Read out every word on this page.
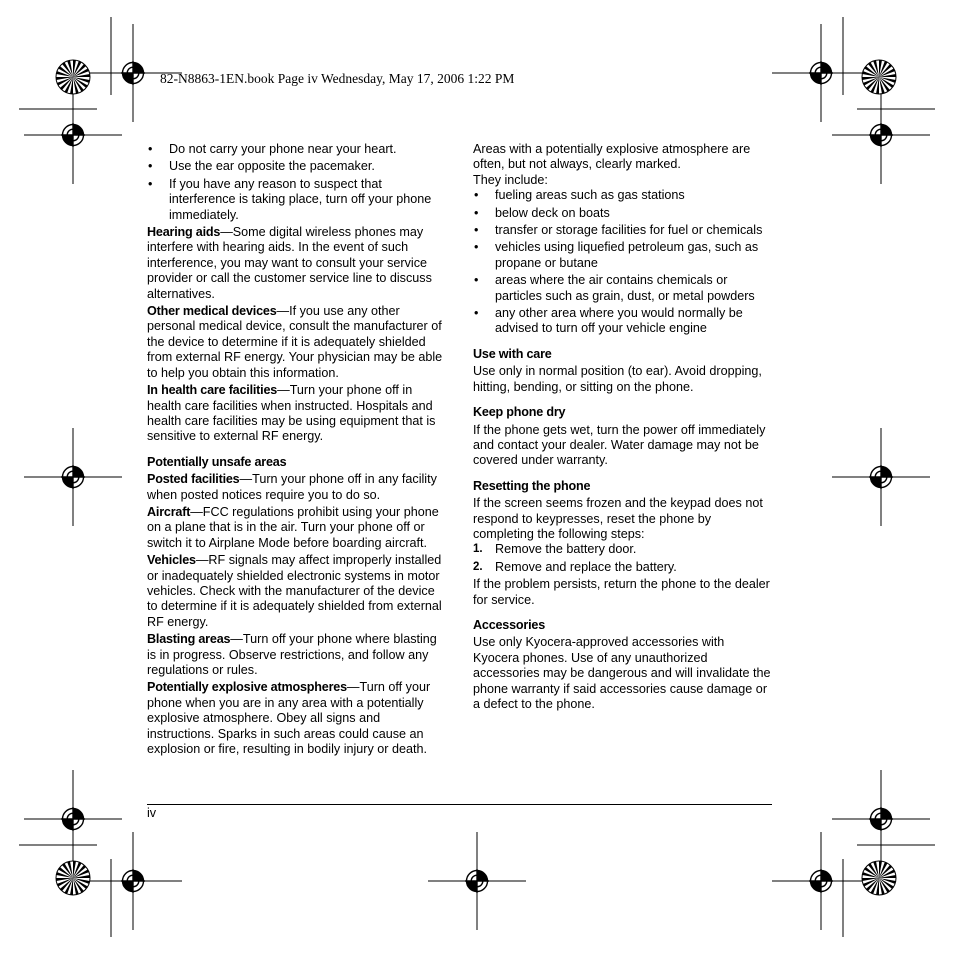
82-N8863-1EN.book Page iv Wednesday, May 17, 2006 1:22 PM
• Do not carry your phone near your heart.
• Use the ear opposite the pacemaker.
• If you have any reason to suspect that interference is taking place, turn off your phone immediately.

Hearing aids—Some digital wireless phones may interfere with hearing aids. In the event of such interference, you may want to consult your service provider or call the customer service line to discuss alternatives.

Other medical devices—If you use any other personal medical device, consult the manufacturer of the device to determine if it is adequately shielded from external RF energy. Your physician may be able to help you obtain this information.

In health care facilities—Turn your phone off in health care facilities when instructed. Hospitals and health care facilities may be using equipment that is sensitive to external RF energy.

Potentially unsafe areas

Posted facilities—Turn your phone off in any facility when posted notices require you to do so.

Aircraft—FCC regulations prohibit using your phone on a plane that is in the air. Turn your phone off or switch it to Airplane Mode before boarding aircraft.

Vehicles—RF signals may affect improperly installed or inadequately shielded electronic systems in motor vehicles. Check with the manufacturer of the device to determine if it is adequately shielded from external RF energy.

Blasting areas—Turn off your phone where blasting is in progress. Observe restrictions, and follow any regulations or rules.

Potentially explosive atmospheres—Turn off your phone when you are in any area with a potentially explosive atmosphere. Obey all signs and instructions. Sparks in such areas could cause an explosion or fire, resulting in bodily injury or death.

Areas with a potentially explosive atmosphere are often, but not always, clearly marked.

They include:

• fueling areas such as gas stations
• below deck on boats
• transfer or storage facilities for fuel or chemicals
• vehicles using liquefied petroleum gas, such as propane or butane
• areas where the air contains chemicals or particles such as grain, dust, or metal powders
• any other area where you would normally be advised to turn off your vehicle engine

Use with care

Use only in normal position (to ear). Avoid dropping, hitting, bending, or sitting on the phone.

Keep phone dry

If the phone gets wet, turn the power off immediately and contact your dealer. Water damage may not be covered under warranty.

Resetting the phone

If the screen seems frozen and the keypad does not respond to keypresses, reset the phone by completing the following steps:

1. Remove the battery door.
2. Remove and replace the battery.

If the problem persists, return the phone to the dealer for service.

Accessories

Use only Kyocera-approved accessories with Kyocera phones. Use of any unauthorized accessories may be dangerous and will invalidate the phone warranty if said accessories cause damage or a defect to the phone.

iv
